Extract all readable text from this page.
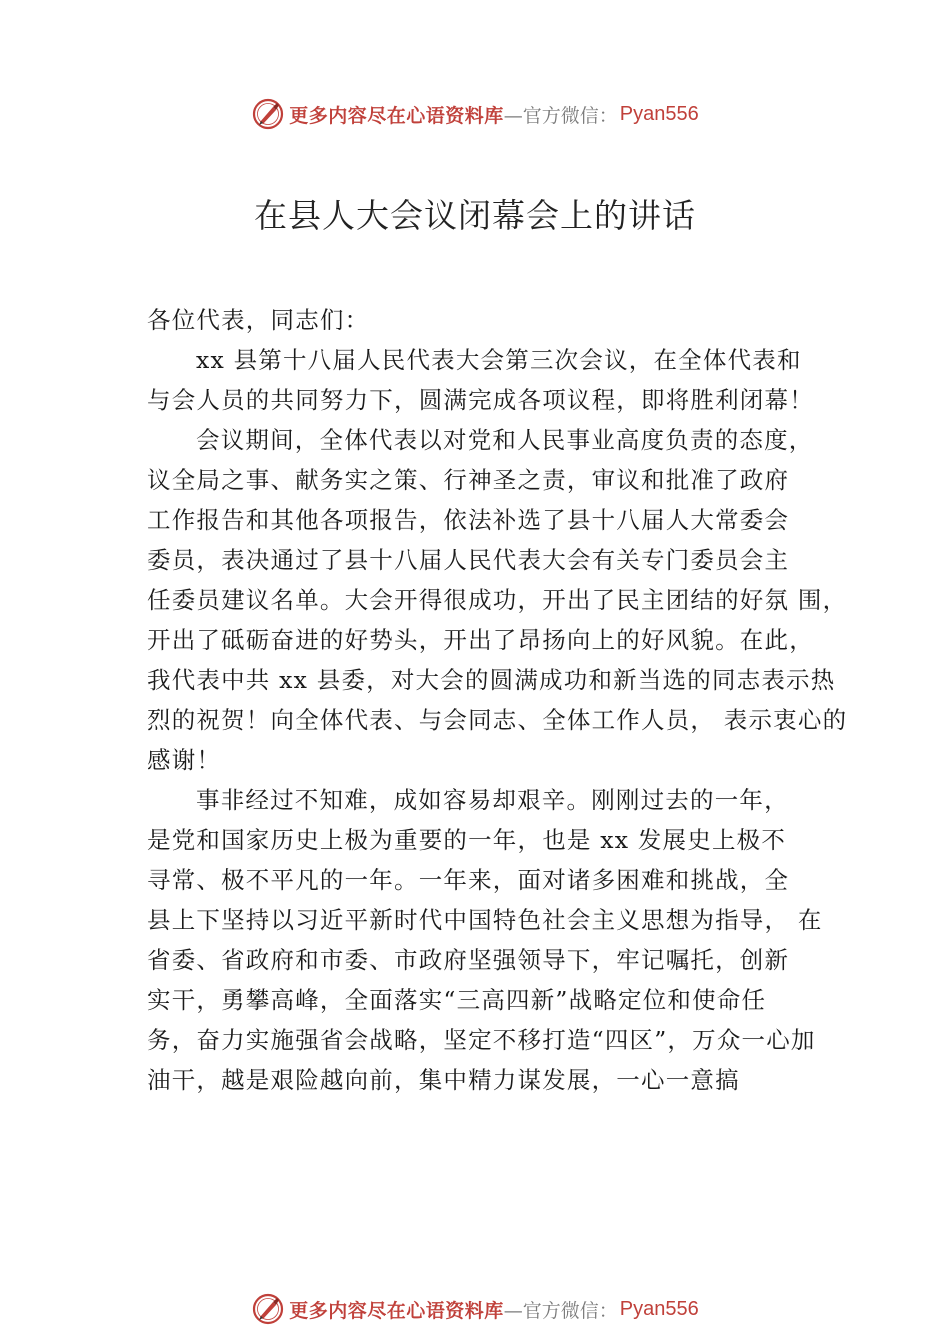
更多内容尽在心语资料库 —官方微信： Pyan556
在县人大会议闭幕会上的讲话
各位代表，同志们：
xx 县第十八届人民代表大会第三次会议，在全体代表和
与会人员的共同努力下，圆满完成各项议程，即将胜利闭幕！
会议期间，全体代表以对党和人民事业高度负责的态度，
议全局之事、献务实之策、行神圣之责，审议和批准了政府
工作报告和其他各项报告，依法补选了县十八届人大常委会
委员，表决通过了县十八届人民代表大会有关专门委员会主
任委员建议名单。大会开得很成功，开出了民主团结的好氛 围，
开出了砥砺奋进的好势头，开出了昂扬向上的好风貌。在此，
我代表中共 xx 县委，对大会的圆满成功和新当选的同志表示热
烈的祝贺！向全体代表、与会同志、全体工作人员， 表示衷心的
感谢！
事非经过不知难，成如容易却艰辛。刚刚过去的一年，
是党和国家历史上极为重要的一年，也是 xx 发展史上极不
寻常、极不平凡的一年。一年来，面对诸多困难和挑战，全
县上下坚持以习近平新时代中国特色社会主义思想为指导， 在
省委、省政府和市委、市政府坚强领导下，牢记嘱托，创新
实干，勇攀高峰，全面落实“三高四新”战略定位和使命任
务，奋力实施强省会战略，坚定不移打造“四区”，万众一心加
油干，越是艰险越向前，集中精力谋发展，一心一意搞
更多内容尽在心语资料库 —官方微信： Pyan556
